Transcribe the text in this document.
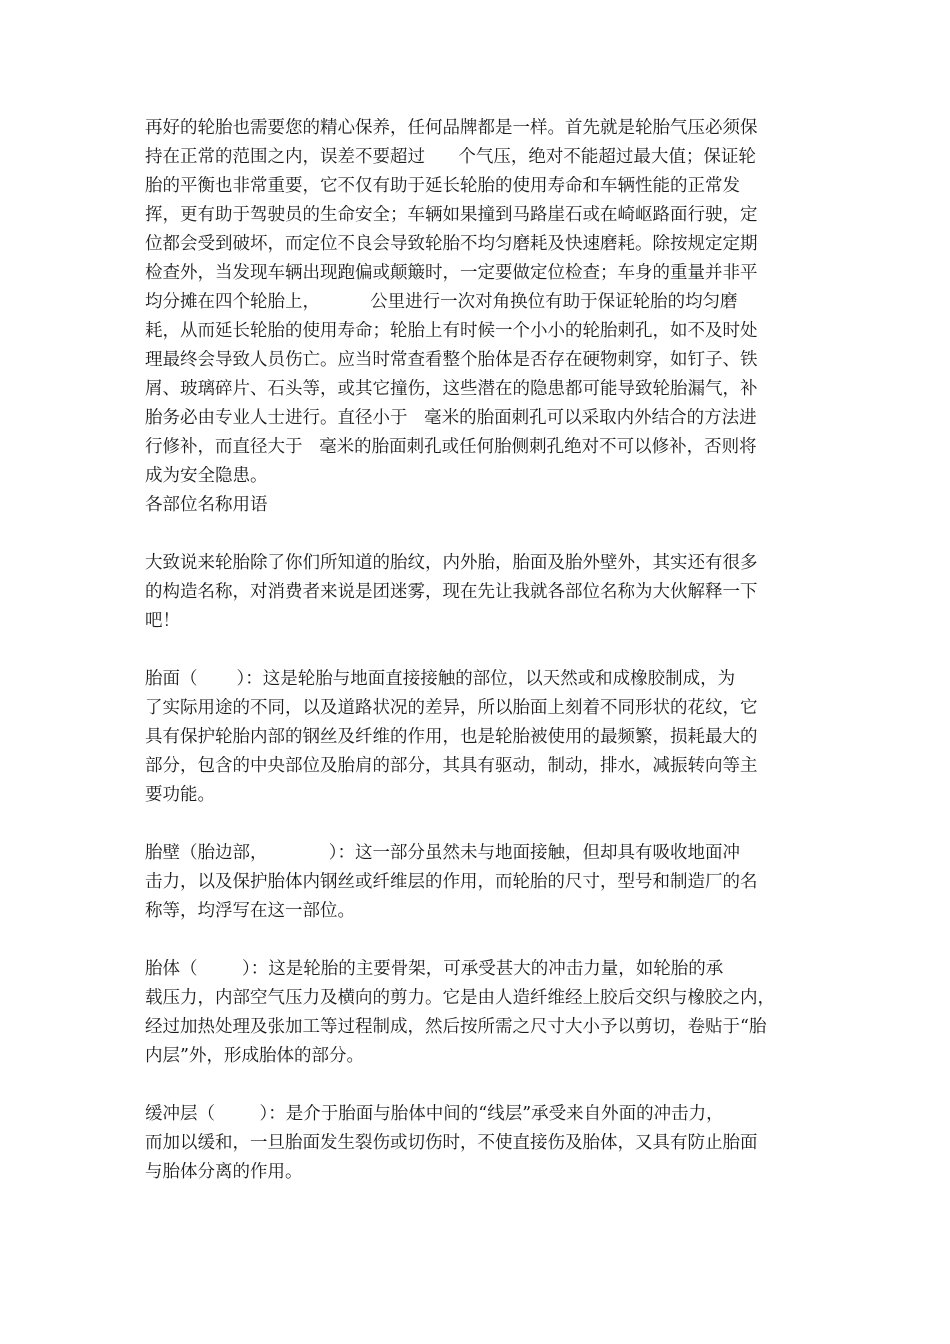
再好的轮胎也需要您的精心保养，任何品牌都是一样。首先就是轮胎气压必须保
持在正常的范围之内，误差不要超过      个气压，绝对不能超过最大值；保证轮
胎的平衡也非常重要，它不仅有助于延长轮胎的使用寿命和车辆性能的正常发
挥，更有助于驾驶员的生命安全；车辆如果撞到马路崖石或在崎岖路面行驶，定
位都会受到破坏，而定位不良会导致轮胎不均匀磨耗及快速磨耗。除按规定定期
检查外，当发现车辆出现跑偏或颠簸时，一定要做定位检查；车身的重量并非平
均分摊在四个轮胎上，         公里进行一次对角换位有助于保证轮胎的均匀磨
耗，从而延长轮胎的使用寿命；轮胎上有时候一个小小的轮胎刺孔，如不及时处
理最终会导致人员伤亡。应当时常查看整个胎体是否存在硬物刺穿，如钉子、铁
屑、玻璃碎片、石头等，或其它撞伤，这些潜在的隐患都可能导致轮胎漏气，补
胎务必由专业人士进行。直径小于   毫米的胎面刺孔可以采取内外结合的方法进
行修补，而直径大于   毫米的胎面刺孔或任何胎侧刺孔绝对不可以修补，否则将
成为安全隐患。
各部位名称用语
大致说来轮胎除了你们所知道的胎纹，内外胎，胎面及胎外壁外，其实还有很多
的构造名称，对消费者来说是团迷雾，现在先让我就各部位名称为大伙解释一下
吧！
胎面（       ）：这是轮胎与地面直接接触的部位，以天然或和成橡胶制成，为
了实际用途的不同，以及道路状况的差异，所以胎面上刻着不同形状的花纹，它
具有保护轮胎内部的钢丝及纤维的作用，也是轮胎被使用的最频繁，损耗最大的
部分，包含的中央部位及胎肩的部分，其具有驱动，制动，排水，减振转向等主
要功能。
胎壁（胎边部，           ）：这一部分虽然未与地面接触，但却具有吸收地面冲
击力，以及保护胎体内钢丝或纤维层的作用，而轮胎的尺寸，型号和制造厂的名
称等，均浮写在这一部位。
胎体（        ）：这是轮胎的主要骨架，可承受甚大的冲击力量，如轮胎的承
载压力，内部空气压力及横向的剪力。它是由人造纤维经上胶后交织与橡胶之内，
经过加热处理及张加工等过程制成，然后按所需之尺寸大小予以剪切，卷贴于“胎
内层”外，形成胎体的部分。
缓冲层（        ）：是介于胎面与胎体中间的“线层”承受来自外面的冲击力，
而加以缓和，一旦胎面发生裂伤或切伤时，不使直接伤及胎体，又具有防止胎面
与胎体分离的作用。
